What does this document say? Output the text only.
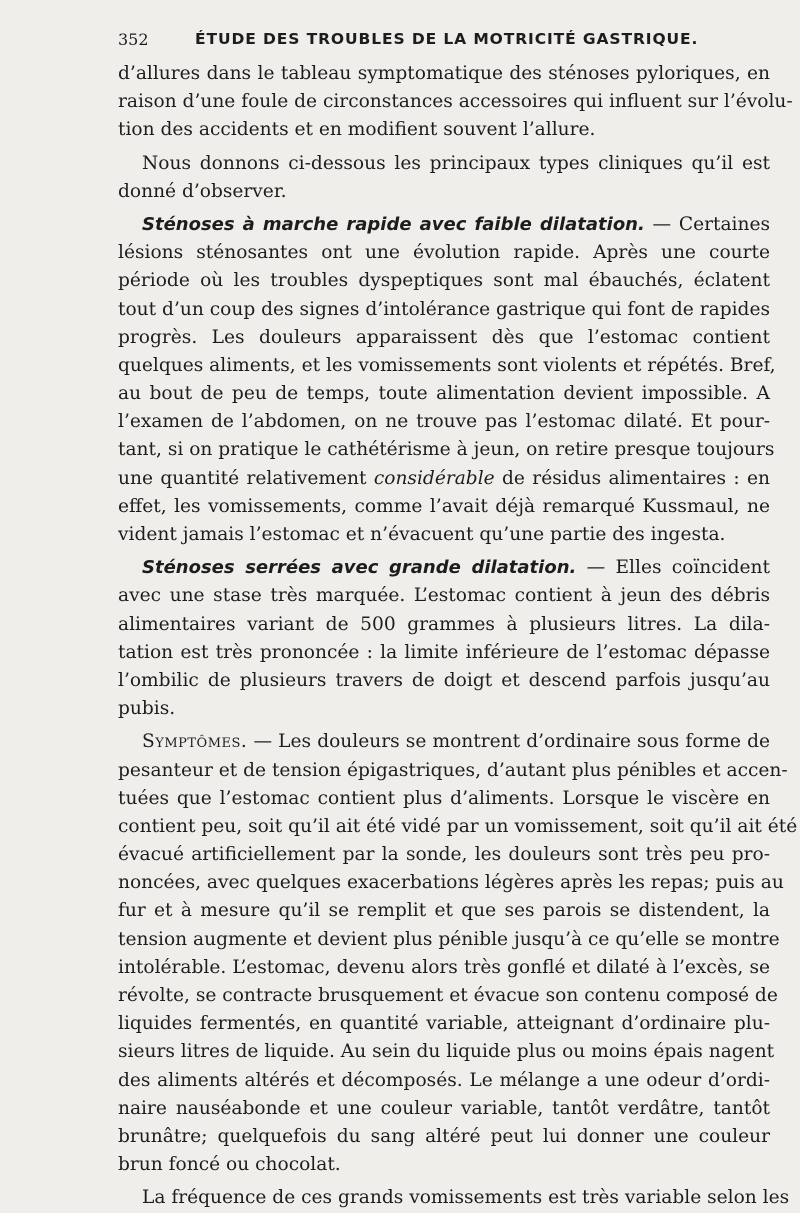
352	ÉTUDE DES TROUBLES DE LA MOTRICITÉ GASTRIQUE.
d’allures dans le tableau symptomatique des sténoses pyloriques, en
raison d’une foule de circonstances accessoires qui influent sur l’évolu-
tion des accidents et en modifient souvent l’allure.
Nous donnons ci-dessous les principaux types cliniques qu’il est
donné d’observer.
Sténoses à marche rapide avec faible dilatation. — Certaines
lésions sténosantes ont une évolution rapide. Après une courte
période où les troubles dyspeptiques sont mal ébauchés, éclatent
tout d’un coup des signes d’intolérance gastrique qui font de rapides
progrès. Les douleurs apparaissent dès que l’estomac contient
quelques aliments, et les vomissements sont violents et répétés. Bref,
au bout de peu de temps, toute alimentation devient impossible. A
l’examen de l’abdomen, on ne trouve pas l’estomac dilaté. Et pour-
tant, si on pratique le cathétérisme à jeun, on retire presque toujours
une quantité relativement considérable de résidus alimentaires : en
effet, les vomissements, comme l’avait déjà remarqué Kussmaul, ne
vident jamais l’estomac et n’évacuent qu’une partie des ingesta.
Sténoses serrées avec grande dilatation. — Elles coïncident
avec une stase très marquée. L’estomac contient à jeun des débris
alimentaires variant de 500 grammes à plusieurs litres. La dila-
tation est très prononcée : la limite inférieure de l’estomac dépasse
l’ombilic de plusieurs travers de doigt et descend parfois jusqu’au
pubis.
Symptômes. — Les douleurs se montrent d’ordinaire sous forme de
pesanteur et de tension épigastriques, d’autant plus pénibles et accen-
tuées que l’estomac contient plus d’aliments. Lorsque le viscère en
contient peu, soit qu’il ait été vidé par un vomissement, soit qu’il ait été
évacué artificiellement par la sonde, les douleurs sont très peu pro-
noncées, avec quelques exacerbations légères après les repas; puis au
fur et à mesure qu’il se remplit et que ses parois se distendent, la
tension augmente et devient plus pénible jusqu’à ce qu’elle se montre
intolérable. L’estomac, devenu alors très gonflé et dilaté à l’excès, se
révolte, se contracte brusquement et évacue son contenu composé de
liquides fermentés, en quantité variable, atteignant d’ordinaire plu-
sieurs litres de liquide. Au sein du liquide plus ou moins épais nagent
des aliments altérés et décomposés. Le mélange a une odeur d’ordi-
naire nauséabonde et une couleur variable, tantôt verdâtre, tantôt
brunâtre; quelquefois du sang altéré peut lui donner une couleur
brun foncé ou chocolat.
La fréquence de ces grands vomissements est très variable selon les
